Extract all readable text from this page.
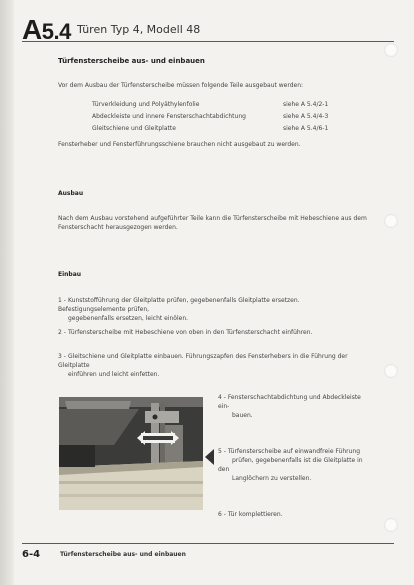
A5.4 Türen Typ 4, Modell 48
Türfensterscheibe aus- und einbauen
Vor dem Ausbau der Türfensterscheibe müssen folgende Teile ausgebaut werden:
Türverkleidung und Polyäthylenfolie	siehe A 5.4/2-1
Abdeckleiste und innere Fensterschachtabdichtung	siehe A 5.4/4-3
Gleitschiene und Gleitplatte	siehe A 5.4/6-1
Fensterheber und Fensterführungsschiene brauchen nicht ausgebaut zu werden.
Ausbau
Nach dem Ausbau vorstehend aufgeführter Teile kann die Türfensterscheibe mit Hebeschiene aus dem
Fensterschacht herausgezogen werden.
Einbau
1 - Kunststofführung der Gleitplatte prüfen, gegebenenfalls Gleitplatte ersetzen. Befestigungselemente prüfen,
gegebenenfalls ersetzen, leicht einölen.
2 - Türfensterscheibe mit Hebeschiene von oben in den Türfensterschacht einführen.
3 - Gleitschiene und Gleitplatte einbauen. Führungszapfen des Fensterhebers in die Führung der Gleitplatte
einführen und leicht einfetten.
4 - Fensterschachtabdichtung und Abdeckleiste ein-
bauen.
5 - Türfensterscheibe auf einwandfreie Führung
prüfen, gegebenenfalls ist die Gleitplatte in den
Langlöchern zu verstellen.
6 - Tür komplettieren.
6-4	Türfensterscheibe aus- und einbauen
